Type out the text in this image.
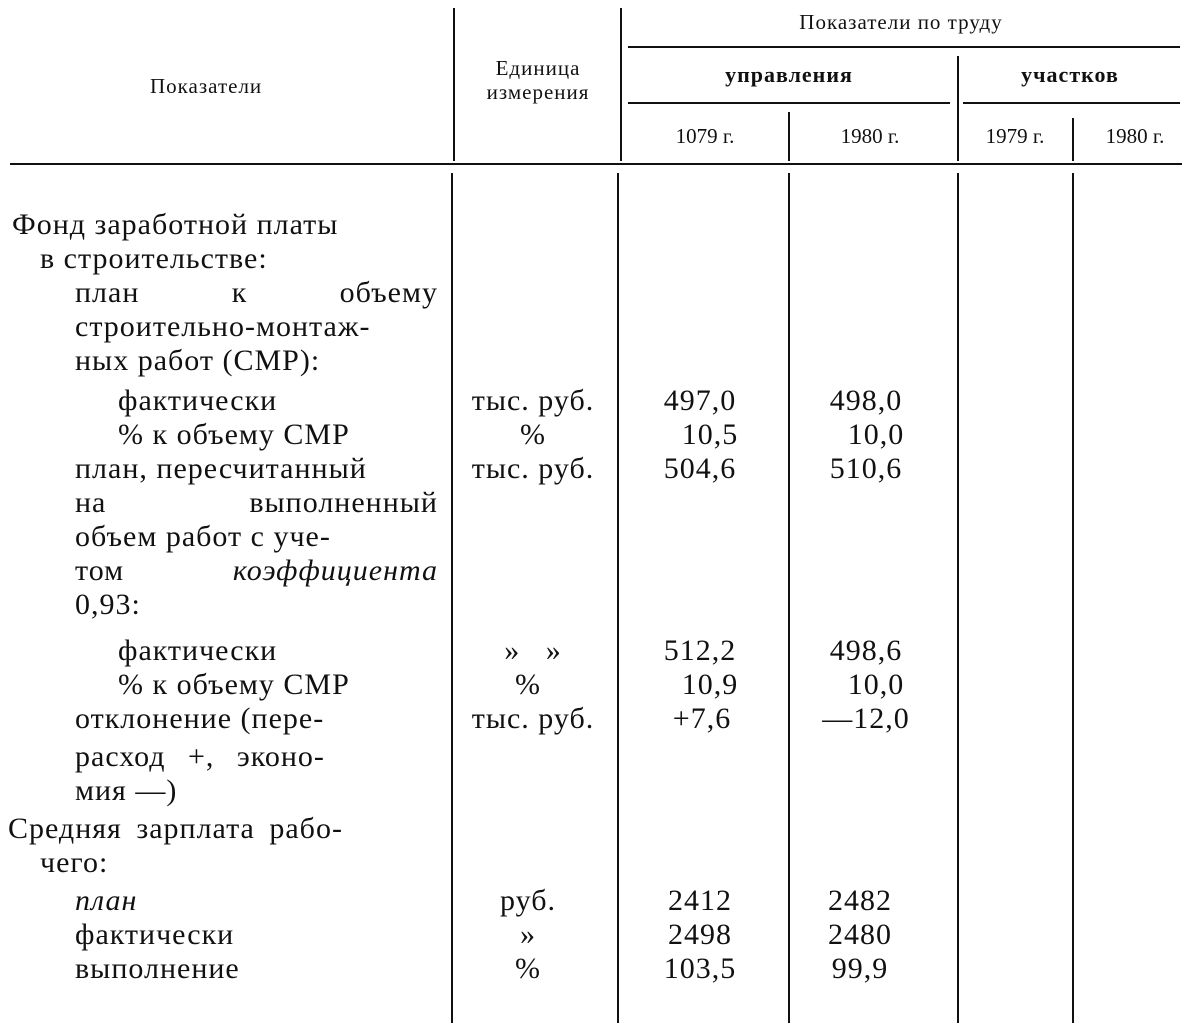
Показатели
Единица
измерения
Показатели по труду
управления	участков
1079 г.	1980 г.	1979 г.	1980 г.
Фонд заработной платы
в строительстве:
план	к	объему
строительно-монтаж-
ных работ (СМР):
фактически	тыс. руб. 497,0	498,0
% к объему СМР	%	10,5	10,0
план, пересчитанный	тыс. руб. 504,6	510,6
на	выполненный
объем работ с уче-
том	коэффициента
0,93:
фактически	»   »	512,2	498,6
% к объему СМР	%	10,9	10,0
отклонение (пере-	тыс. руб.	+7,6	—12,0
расход +, эконо-
мия —)
Средняя зарплата рабо-
чего:
план	руб.	2412	2482
фактически	»	2498	2480
выполнение	%	103,5	99,9
